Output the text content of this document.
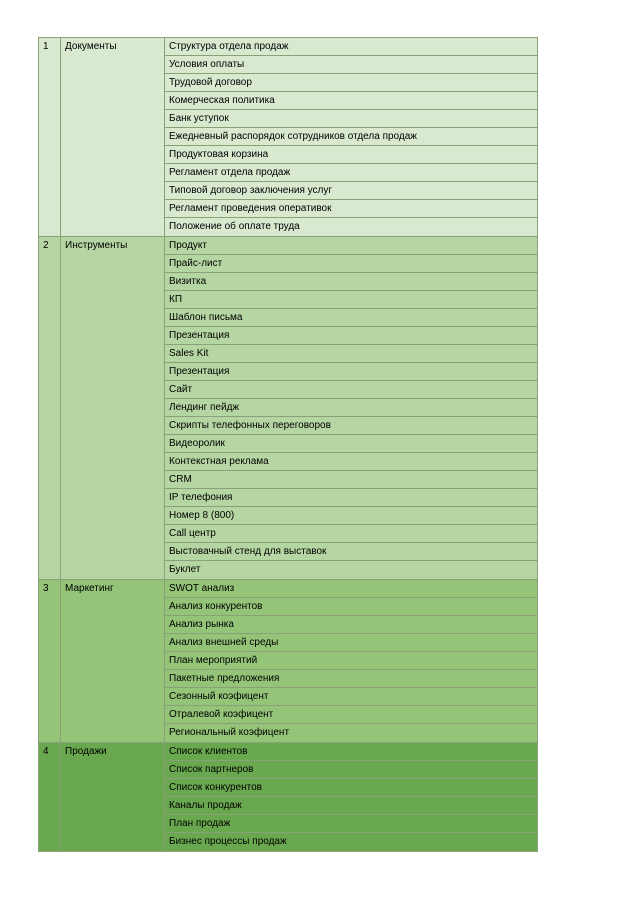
1	Документы	Структура отдела продаж
Условия оплаты
Трудовой договор
Комерческая политика
Банк уступок
Ежедневный распорядок сотрудников отдела продаж
Продуктовая корзина
Регламент отдела продаж
Типовой договор заключения услуг
Регламент проведения оперативок
Положение об оплате труда
2	Инструменты	Продукт
Прайс-лист
Визитка
КП
Шаблон письма
Презентация
Sales Kit
Презентация
Сайт
Лендинг пейдж
Скрипты телефонных переговоров
Видеоролик
Контекстная реклама
CRM
IP телефония
Номер 8 (800)
Call центр
Выстовачный стенд для выставок
Буклет
3	Маркетинг	SWOT анализ
Анализ конкурентов
Анализ рынка
Анализ внешней среды
План мероприятий
Пакетные предложения
Сезонный коэфицент
Отралевой коэфицент
Региональный коэфицент
4	Продажи	Список клиентов
Список партнеров
Список конкурентов
Каналы продаж
План продаж
Бизнес процессы продаж
